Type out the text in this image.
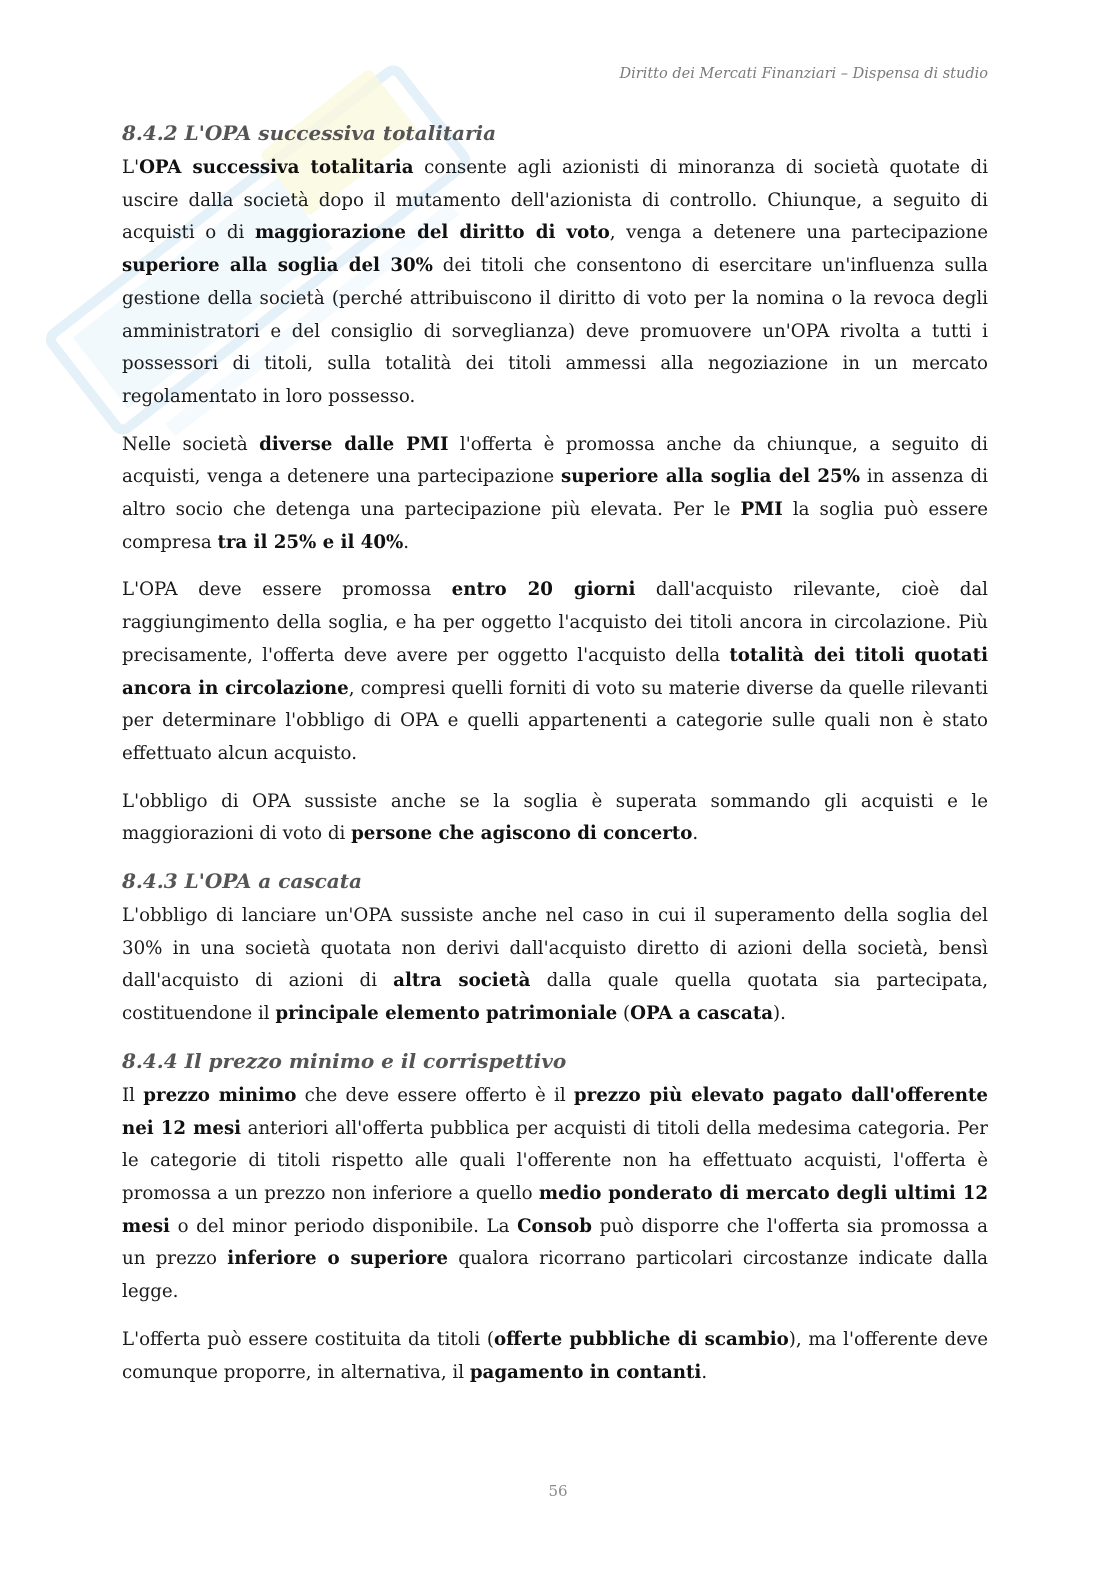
Diritto dei Mercati Finanziari – Dispensa di studio
8.4.2 L'OPA successiva totalitaria

L'OPA successiva totalitaria consente agli azionisti di minoranza di società quotate di uscire dalla società dopo il mutamento dell'azionista di controllo. Chiunque, a seguito di acquisti o di maggiorazione del diritto di voto, venga a detenere una partecipazione superiore alla soglia del 30% dei titoli che consentono di esercitare un'influenza sulla gestione della società (perché attribuiscono il diritto di voto per la nomina o la revoca degli amministratori e del consiglio di sorveglianza) deve promuovere un'OPA rivolta a tutti i possessori di titoli, sulla totalità dei titoli ammessi alla negoziazione in un mercato regolamentato in loro possesso.

Nelle società diverse dalle PMI l'offerta è promossa anche da chiunque, a seguito di acquisti, venga a detenere una partecipazione superiore alla soglia del 25% in assenza di altro socio che detenga una partecipazione più elevata. Per le PMI la soglia può essere compresa tra il 25% e il 40%.

L'OPA deve essere promossa entro 20 giorni dall'acquisto rilevante, cioè dal raggiungimento della soglia, e ha per oggetto l'acquisto dei titoli ancora in circolazione. Più precisamente, l'offerta deve avere per oggetto l'acquisto della totalità dei titoli quotati ancora in circolazione, compresi quelli forniti di voto su materie diverse da quelle rilevanti per determinare l'obbligo di OPA e quelli appartenenti a categorie sulle quali non è stato effettuato alcun acquisto.

L'obbligo di OPA sussiste anche se la soglia è superata sommando gli acquisti e le maggiorazioni di voto di persone che agiscono di concerto.

8.4.3 L'OPA a cascata

L'obbligo di lanciare un'OPA sussiste anche nel caso in cui il superamento della soglia del 30% in una società quotata non derivi dall'acquisto diretto di azioni della società, bensì dall'acquisto di azioni di altra società dalla quale quella quotata sia partecipata, costituendone il principale elemento patrimoniale (OPA a cascata).

8.4.4 Il prezzo minimo e il corrispettivo

Il prezzo minimo che deve essere offerto è il prezzo più elevato pagato dall'offerente nei 12 mesi anteriori all'offerta pubblica per acquisti di titoli della medesima categoria. Per le categorie di titoli rispetto alle quali l'offerente non ha effettuato acquisti, l'offerta è promossa a un prezzo non inferiore a quello medio ponderato di mercato degli ultimi 12 mesi o del minor periodo disponibile. La Consob può disporre che l'offerta sia promossa a un prezzo inferiore o superiore qualora ricorrano particolari circostanze indicate dalla legge.

L'offerta può essere costituita da titoli (offerte pubbliche di scambio), ma l'offerente deve comunque proporre, in alternativa, il pagamento in contanti.

56
